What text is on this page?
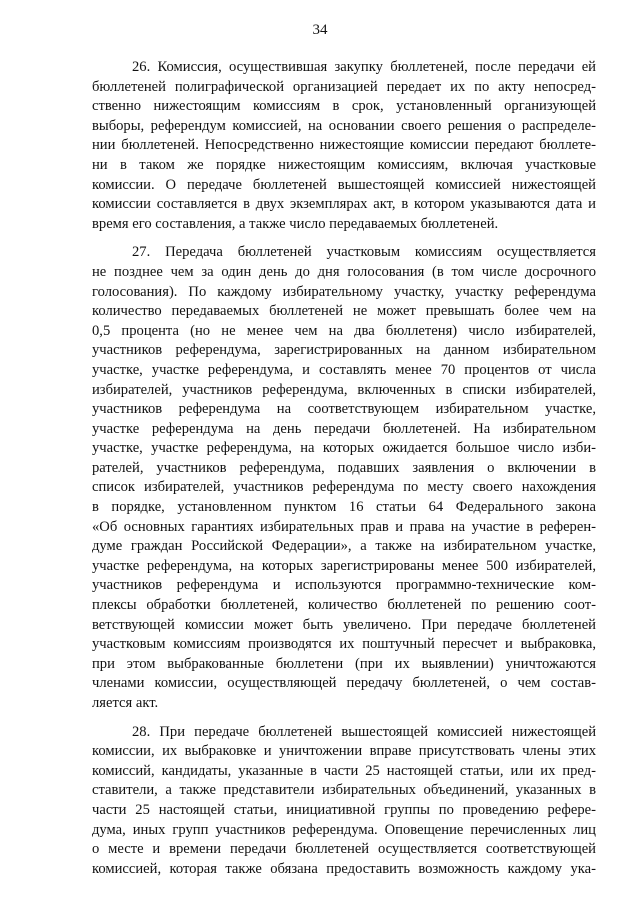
34
26. Комиссия, осуществившая закупку бюллетеней, после передачи ей
бюллетеней полиграфической организацией передает их по акту непосред-
ственно нижестоящим комиссиям в срок, установленный организующей
выборы, референдум комиссией, на основании своего решения о распределе-
нии бюллетеней. Непосредственно нижестоящие комиссии передают бюллете-
ни в таком же порядке нижестоящим комиссиям, включая участковые
комиссии. О передаче бюллетеней вышестоящей комиссией нижестоящей
комиссии составляется в двух экземплярах акт, в котором указываются дата и
время его составления, а также число передаваемых бюллетеней.
27. Передача бюллетеней участковым комиссиям осуществляется
не позднее чем за один день до дня голосования (в том числе досрочного
голосования). По каждому избирательному участку, участку референдума
количество передаваемых бюллетеней не может превышать более чем на
0,5 процента (но не менее чем на два бюллетеня) число избирателей,
участников референдума, зарегистрированных на данном избирательном
участке, участке референдума, и составлять менее 70 процентов от числа
избирателей, участников референдума, включенных в списки избирателей,
участников референдума на соответствующем избирательном участке,
участке референдума на день передачи бюллетеней. На избирательном
участке, участке референдума, на которых ожидается большое число изби-
рателей, участников референдума, подавших заявления о включении в
список избирателей, участников референдума по месту своего нахождения
в порядке, установленном пунктом 16 статьи 64 Федерального закона
«Об основных гарантиях избирательных прав и права на участие в референ-
думе граждан Российской Федерации», а также на избирательном участке,
участке референдума, на которых зарегистрированы менее 500 избирателей,
участников референдума и используются программно-технические ком-
плексы обработки бюллетеней, количество бюллетеней по решению соот-
ветствующей комиссии может быть увеличено. При передаче бюллетеней
участковым комиссиям производятся их поштучный пересчет и выбраковка,
при этом выбракованные бюллетени (при их выявлении) уничтожаются
членами комиссии, осуществляющей передачу бюллетеней, о чем состав-
ляется акт.
28. При передаче бюллетеней вышестоящей комиссией нижестоящей
комиссии, их выбраковке и уничтожении вправе присутствовать члены этих
комиссий, кандидаты, указанные в части 25 настоящей статьи, или их пред-
ставители, а также представители избирательных объединений, указанных в
части 25 настоящей статьи, инициативной группы по проведению рефере-
дума, иных групп участников референдума. Оповещение перечисленных лиц
о месте и времени передачи бюллетеней осуществляется соответствующей
комиссией, которая также обязана предоставить возможность каждому ука-
